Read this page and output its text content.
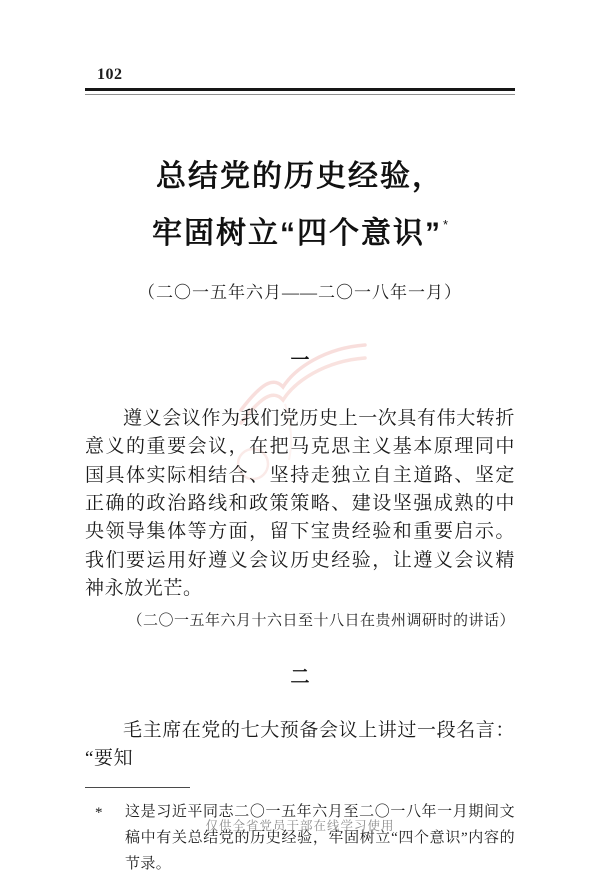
102
总结党的历史经验，
牢固树立“四个意识”*
（二〇一五年六月——二〇一八年一月）
一

遵义会议作为我们党历史上一次具有伟大转折意义的重要会议，在把马克思主义基本原理同中国具体实际相结合、坚持走独立自主道路、坚定正确的政治路线和政策策略、建设坚强成熟的中央领导集体等方面，留下宝贵经验和重要启示。我们要运用好遵义会议历史经验，让遵义会议精神永放光芒。

（二〇一五年六月十六日至十八日在贵州调研时的讲话）
二

毛主席在党的七大预备会议上讲过一段名言：“要知

* 这是习近平同志二〇一五年六月至二〇一八年一月期间文稿中有关总结党的历史经验，牢固树立“四个意识”内容的节录。
仅供全省党员干部在线学习使用
